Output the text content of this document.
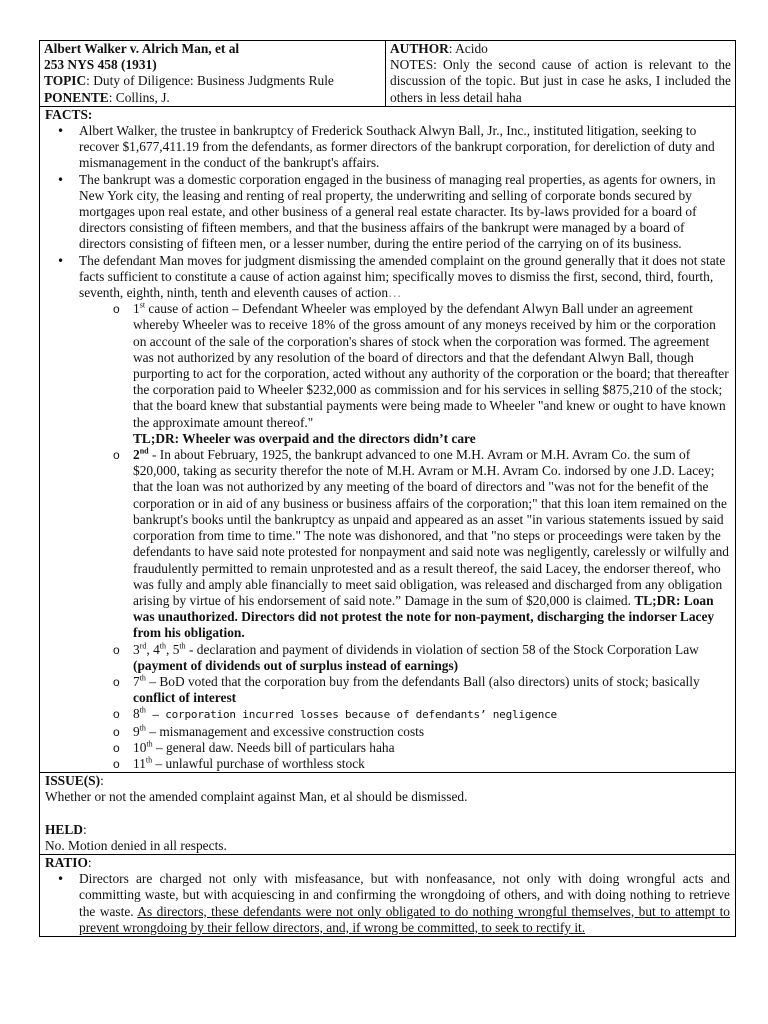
Albert Walker v. Alrich Man, et al
253 NYS 458 (1931)
TOPIC: Duty of Diligence: Business Judgments Rule
PONENTE: Collins, J.
AUTHOR: Acido
NOTES: Only the second cause of action is relevant to the discussion of the topic. But just in case he asks, I included the others in less detail haha
FACTS:
• Albert Walker, the trustee in bankruptcy of Frederick Southack Alwyn Ball, Jr., Inc., instituted litigation, seeking to recover $1,677,411.19 from the defendants, as former directors of the bankrupt corporation, for dereliction of duty and mismanagement in the conduct of the bankrupt's affairs.
• The bankrupt was a domestic corporation engaged in the business of managing real properties, as agents for owners, in New York city, the leasing and renting of real property, the underwriting and selling of corporate bonds secured by mortgages upon real estate, and other business of a general real estate character. Its by-laws provided for a board of directors consisting of fifteen members, and that the business affairs of the bankrupt were managed by a board of directors consisting of fifteen men, or a lesser number, during the entire period of the carrying on of its business.
• The defendant Man moves for judgment dismissing the amended complaint on the ground generally that it does not state facts sufficient to constitute a cause of action against him; specifically moves to dismiss the first, second, third, fourth, seventh, eighth, ninth, tenth and eleventh causes of action…
o 1st cause of action – Defendant Wheeler was employed by the defendant Alwyn Ball under an agreement whereby Wheeler was to receive 18% of the gross amount of any moneys received by him or the corporation on account of the sale of the corporation's shares of stock when the corporation was formed. The agreement was not authorized by any resolution of the board of directors and that the defendant Alwyn Ball, though purporting to act for the corporation, acted without any authority of the corporation or the board; that thereafter the corporation paid to Wheeler $232,000 as commission and for his services in selling $875,210 of the stock; that the board knew that substantial payments were being made to Wheeler "and knew or ought to have known the approximate amount thereof."
TL;DR: Wheeler was overpaid and the directors didn’t care
o 2nd - In about February, 1925, the bankrupt advanced to one M.H. Avram or M.H. Avram Co. the sum of $20,000, taking as security therefor the note of M.H. Avram or M.H. Avram Co. indorsed by one J.D. Lacey; that the loan was not authorized by any meeting of the board of directors and "was not for the benefit of the corporation or in aid of any business or business affairs of the corporation;" that this loan item remained on the bankrupt's books until the bankruptcy as unpaid and appeared as an asset "in various statements issued by said corporation from time to time." The note was dishonored, and that "no steps or proceedings were taken by the defendants to have said note protested for nonpayment and said note was negligently, carelessly or wilfully and fraudulently permitted to remain unprotested and as a result thereof, the said Lacey, the endorser thereof, who was fully and amply able financially to meet said obligation, was released and discharged from any obligation arising by virtue of his endorsement of said note.” Damage in the sum of $20,000 is claimed. TL;DR: Loan was unauthorized. Directors did not protest the note for non-payment, discharging the indorser Lacey from his obligation.
o 3rd, 4th, 5th - declaration and payment of dividends in violation of section 58 of the Stock Corporation Law (payment of dividends out of surplus instead of earnings)
o 7th – BoD voted that the corporation buy from the defendants Ball (also directors) units of stock; basically conflict of interest
o 8th – corporation incurred losses because of defendants’ negligence
o 9th – mismanagement and excessive construction costs
o 10th – general daw. Needs bill of particulars haha
o 11th – unlawful purchase of worthless stock
ISSUE(S):
Whether or not the amended complaint against Man, et al should be dismissed.
HELD:
No. Motion denied in all respects.
RATIO:
• Directors are charged not only with misfeasance, but with nonfeasance, not only with doing wrongful acts and committing waste, but with acquiescing in and confirming the wrongdoing of others, and with doing nothing to retrieve the waste. As directors, these defendants were not only obligated to do nothing wrongful themselves, but to attempt to prevent wrongdoing by their fellow directors, and, if wrong be committed, to seek to rectify it.
